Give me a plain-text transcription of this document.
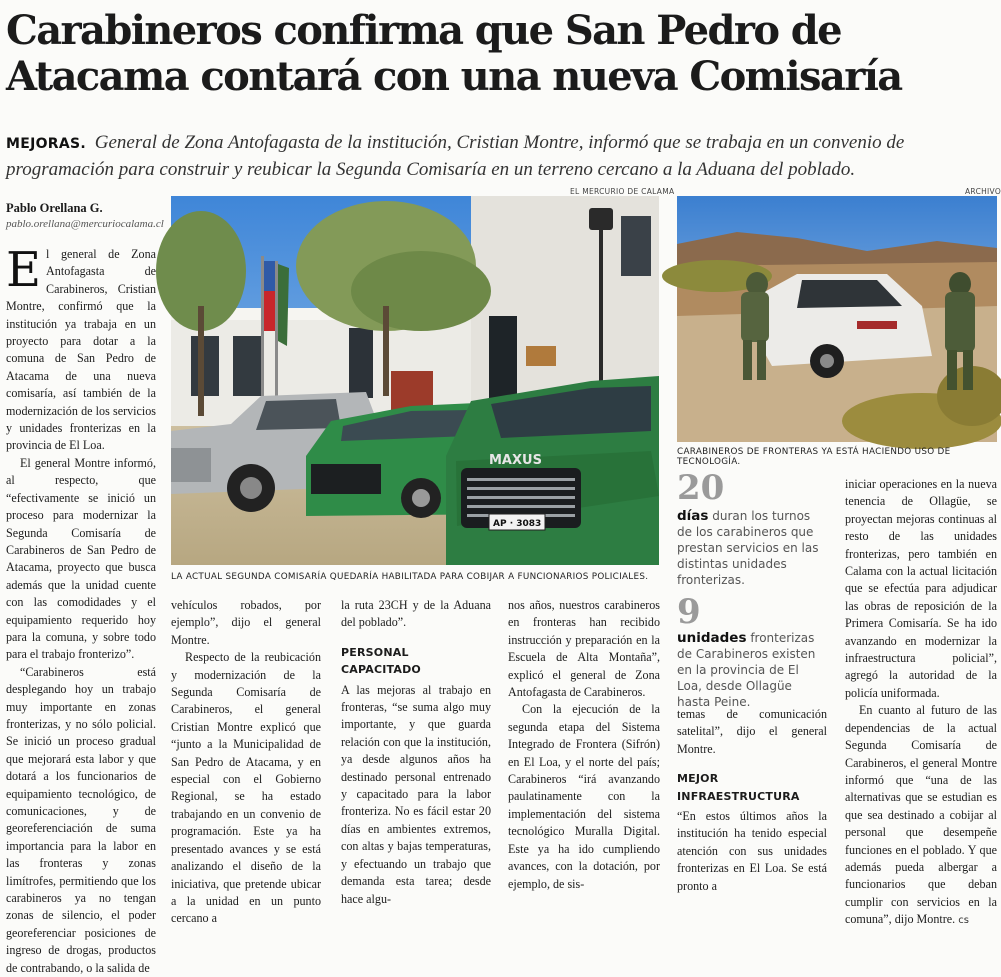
Carabineros confirma que San Pedro de Atacama contará con una nueva Comisaría

MEJORAS. General de Zona Antofagasta de la institución, Cristian Montre, informó que se trabaja en un convenio de programación para construir y reubicar la Segunda Comisaría en un terreno cercano a la Aduana del poblado.

Pablo Orellana G.
pablo.orellana@mercuriocalama.cl

El general de Zona Antofagasta de Carabineros, Cristian Montre, confirmó que la institución ya trabaja en un proyecto para dotar a la comuna de San Pedro de Atacama de una nueva comisaría, así también de la modernización de los servicios y unidades fronterizas en la provincia de El Loa.

El general Montre informó, al respecto, que “efectivamente se inició un proceso para modernizar la Segunda Comisaría de Carabineros de San Pedro de Atacama, proyecto que busca además que la unidad cuente con las comodidades y el equipamiento requerido hoy para la comuna, y sobre todo para el trabajo fronterizo”.

“Carabineros está desplegando hoy un trabajo muy importante en zonas fronterizas, y no sólo policial. Se inició un proceso gradual que mejorará esta labor y que dotará a los funcionarios de equipamiento tecnológico, de comunicaciones, y de georeferenciación de suma importancia para la labor en las fronteras y zonas limítrofes, permitiendo que los carabineros ya no tengan zonas de silencio, el poder georeferenciar posiciones de ingreso de drogas, productos de contrabando, o la salida de

EL MERCURIO DE CALAMA
MAXUS
AP · 3083
LA ACTUAL SEGUNDA COMISARÍA QUEDARÍA HABILITADA PARA COBIJAR A FUNCIONARIOS POLICIALES.
ARCHIVO
CARABINEROS DE FRONTERAS YA ESTÁ HACIENDO USO DE TECNOLOGÍA.

vehículos robados, por ejemplo”, dijo el general Montre.

Respecto de la reubicación y modernización de la Segunda Comisaría de Carabineros, el general Cristian Montre explicó que “junto a la Municipalidad de San Pedro de Atacama, y en especial con el Gobierno Regional, se ha estado trabajando en un convenio de programación. Este ya ha presentado avances y se está analizando el diseño de la iniciativa, que pretende ubicar a la unidad en un punto cercano a

la ruta 23CH y de la Aduana del poblado”.

PERSONAL CAPACITADO

A las mejoras al trabajo en fronteras, “se suma algo muy importante, y que guarda relación con que la institución, ya desde algunos años ha destinado personal entrenado y capacitado para la labor fronteriza. No es fácil estar 20 días en ambientes extremos, con altas y bajas temperaturas, y efectuando un trabajo que demanda esta tarea; desde hace algu-

nos años, nuestros carabineros en fronteras han recibido instrucción y preparación en la Escuela de Alta Montaña”, explicó el general de Zona Antofagasta de Carabineros.

Con la ejecución de la segunda etapa del Sistema Integrado de Frontera (Sifrón) en El Loa, y el norte del país; Carabineros “irá avanzando paulatinamente con la implementación del sistema tecnológico Muralla Digital. Este ya ha ido cumpliendo avances, con la dotación, por ejemplo, de sis-

20
días duran los turnos de los carabineros que prestan servicios en las distintas unidades fronterizas.
9
unidades fronterizas de Carabineros existen en la provincia de El Loa, desde Ollagüe hasta Peine.

temas de comunicación satelital”, dijo el general Montre.

MEJOR INFRAESTRUCTURA

“En estos últimos años la institución ha tenido especial atención con sus unidades fronterizas en El Loa. Se está pronto a

iniciar operaciones en la nueva tenencia de Ollagüe, se proyectan mejoras continuas al resto de las unidades fronterizas, pero también en Calama con la actual licitación que se efectúa para adjudicar las obras de reposición de la Primera Comisaría. Se ha ido avanzando en modernizar la infraestructura policial”, agregó la autoridad de la policía uniformada.

En cuanto al futuro de las dependencias de la actual Segunda Comisaría de Carabineros, el general Montre informó que “una de las alternativas que se estudian es que sea destinado a cobijar al personal que desempeñe funciones en el poblado. Y que además pueda albergar a funcionarios que deban cumplir con servicios en la comuna”, dijo Montre. cs
